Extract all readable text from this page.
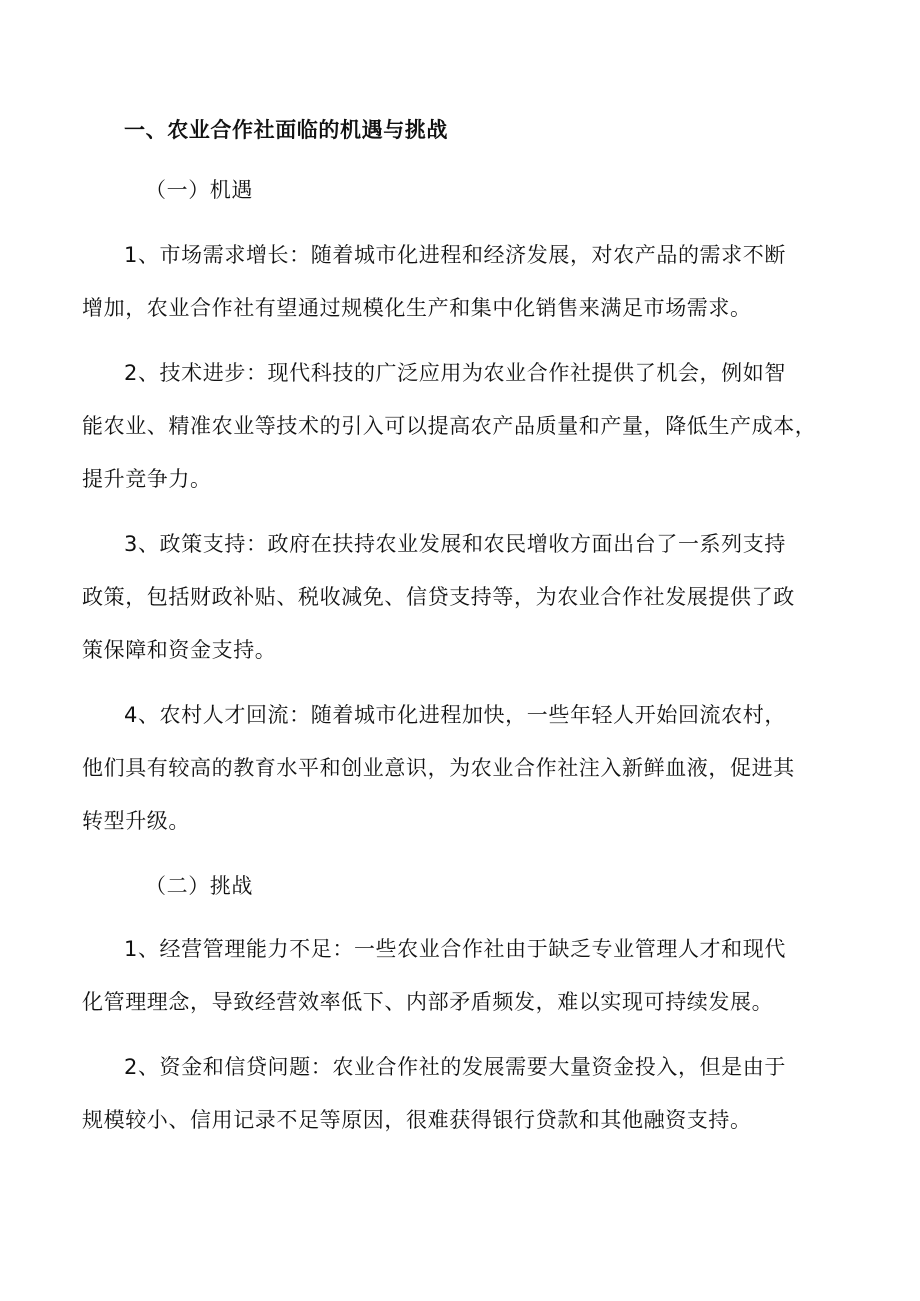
一、农业合作社面临的机遇与挑战
（一）机遇
1、市场需求增长：随着城市化进程和经济发展，对农产品的需求不断
增加，农业合作社有望通过规模化生产和集中化销售来满足市场需求。
2、技术进步：现代科技的广泛应用为农业合作社提供了机会，例如智
能农业、精准农业等技术的引入可以提高农产品质量和产量，降低生产成本，
提升竞争力。
3、政策支持：政府在扶持农业发展和农民增收方面出台了一系列支持
政策，包括财政补贴、税收减免、信贷支持等，为农业合作社发展提供了政
策保障和资金支持。
4、农村人才回流：随着城市化进程加快，一些年轻人开始回流农村，
他们具有较高的教育水平和创业意识，为农业合作社注入新鲜血液，促进其
转型升级。
（二）挑战
1、经营管理能力不足：一些农业合作社由于缺乏专业管理人才和现代
化管理理念，导致经营效率低下、内部矛盾频发，难以实现可持续发展。
2、资金和信贷问题：农业合作社的发展需要大量资金投入，但是由于
规模较小、信用记录不足等原因，很难获得银行贷款和其他融资支持。
